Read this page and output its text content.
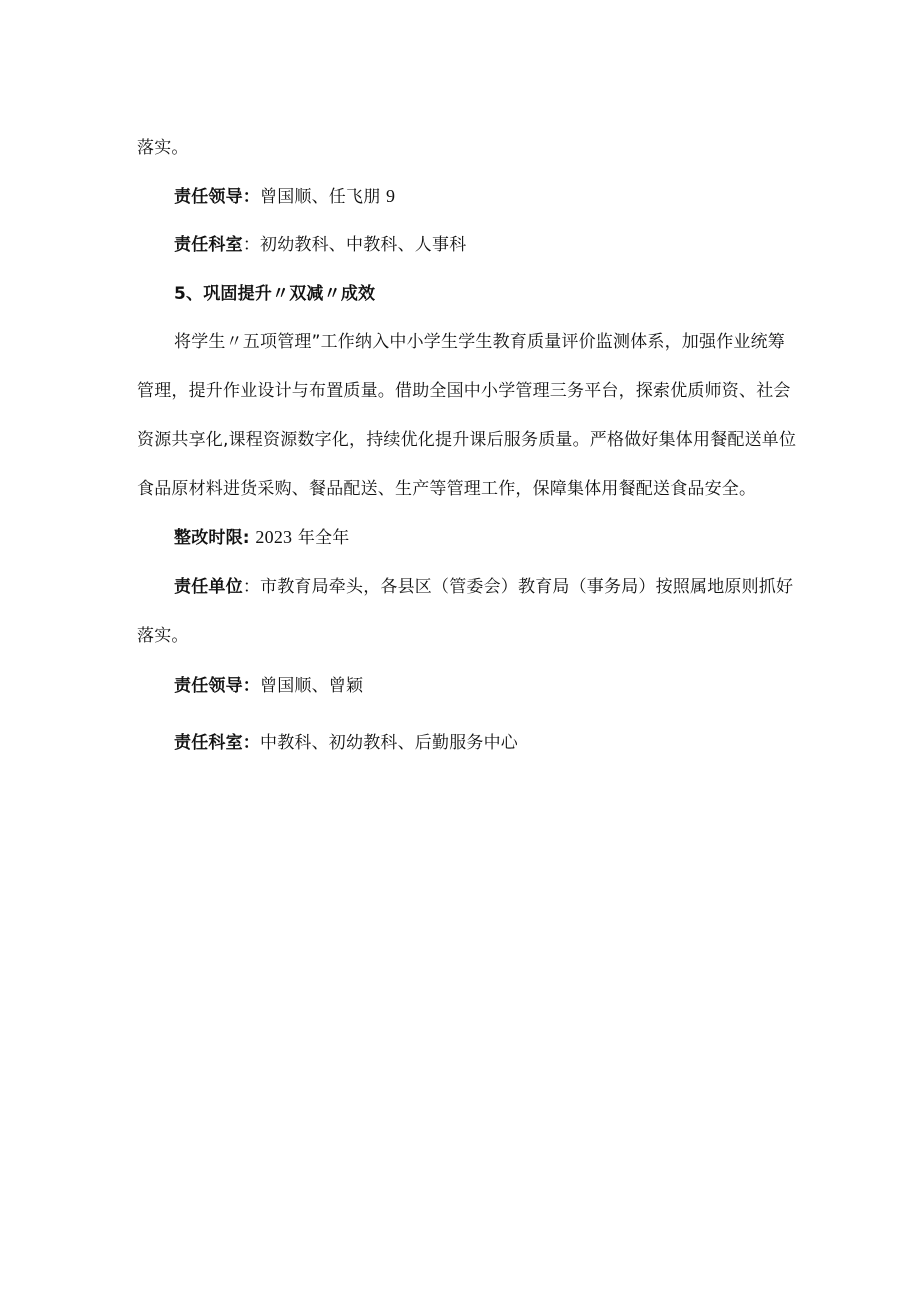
落实。
责任领导：曾国顺、任飞朋 9
责任科室：初幼教科、中教科、人事科
5、巩固提升〃双减〃成效
将学生〃五项管理”工作纳入中小学生学生教育质量评价监测体系，加强作业统筹
管理，提升作业设计与布置质量。借助全国中小学管理三务平台，探索优质师资、社会
资源共享化,课程资源数字化，持续优化提升课后服务质量。严格做好集体用餐配送单位
食品原材料进货采购、餐品配送、生产等管理工作，保障集体用餐配送食品安全。
整改时限: 2023 年全年
责任单位：市教育局牵头，各县区（管委会）教育局（事务局）按照属地原则抓好
落实。
责任领导：曾国顺、曾颖
责任科室：中教科、初幼教科、后勤服务中心
